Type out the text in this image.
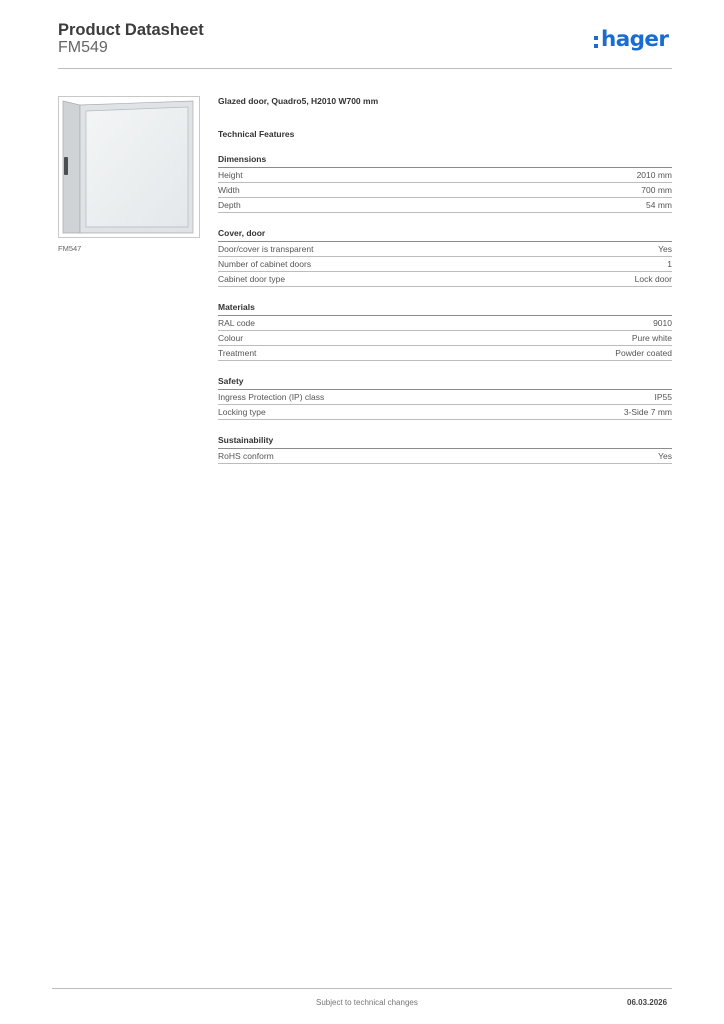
Product Datasheet
FM549	hager
FM547
Glazed door, Quadro5, H2010 W700 mm
Technical Features
Dimensions
Height	2010 mm
Width	700 mm
Depth	54 mm
Cover, door
Door/cover is transparent	Yes
Number of cabinet doors	1
Cabinet door type	Lock door
Materials
RAL code	9010
Colour	Pure white
Treatment	Powder coated
Safety
Ingress Protection (IP) class	IP55
Locking type	3-Side 7 mm
Sustainability
RoHS conform	Yes
Subject to technical changes	06.03.2026
